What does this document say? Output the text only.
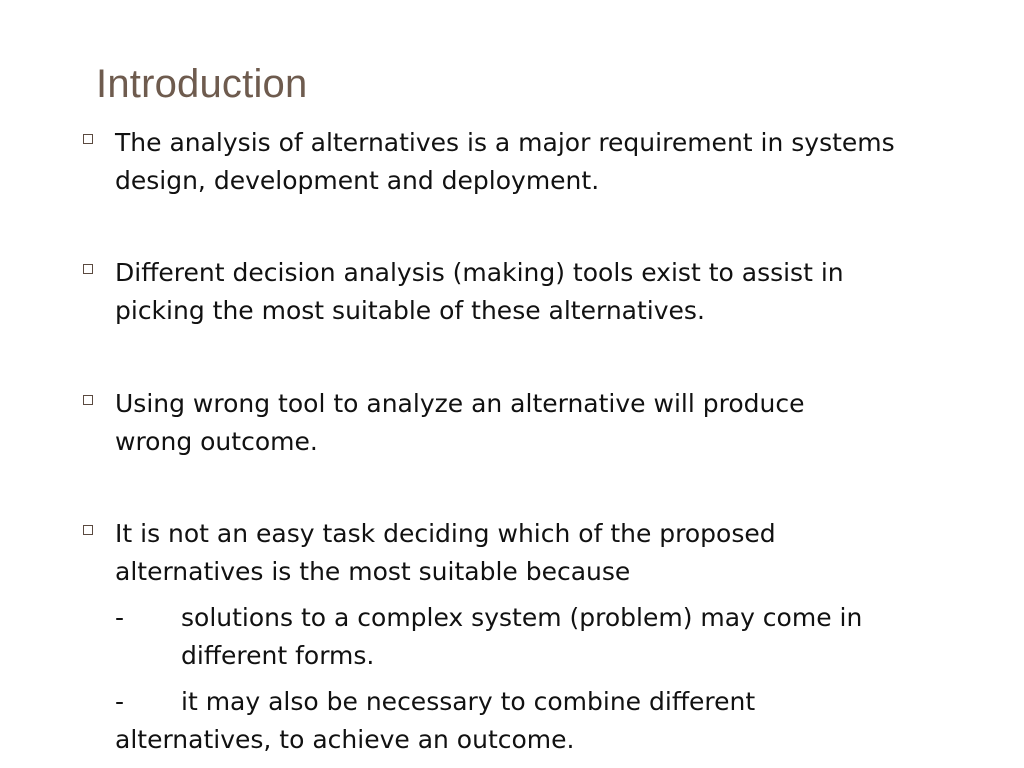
Introduction
The analysis of alternatives is a major requirement in systems
design, development and deployment.
Different decision analysis (making) tools exist to assist in
picking the most suitable of these alternatives.
Using wrong tool to analyze an alternative will produce
wrong outcome.
It is not an easy task deciding which of the proposed
alternatives is the most suitable because
- solutions to a complex system (problem) may come in
different forms.
- it may also be necessary to combine different
alternatives, to achieve an outcome.
